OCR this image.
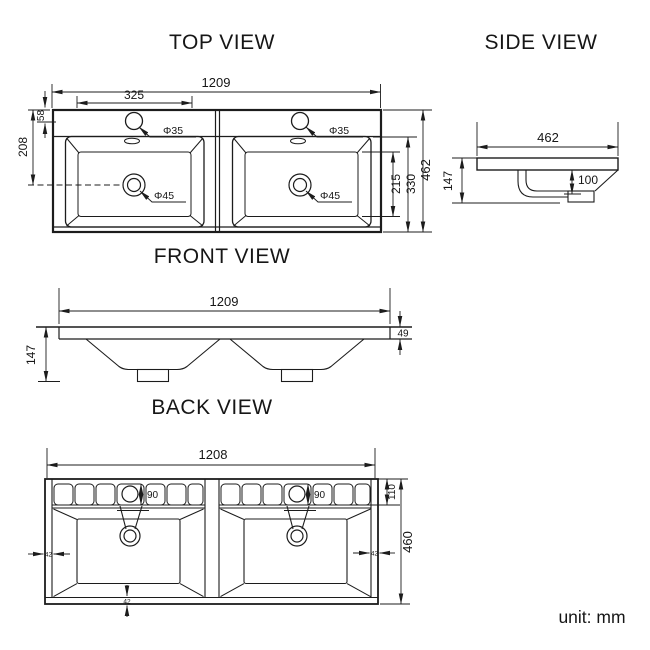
TOP VIEW
Φ35
Φ45
Φ35
Φ45
1209
325
58
208
215 330
462
SIDE VIEW
462
147	100
FRONT VIEW
1209
147
49
BACK VIEW
90	90
1208
110
460
42	42
42
unit: mm
